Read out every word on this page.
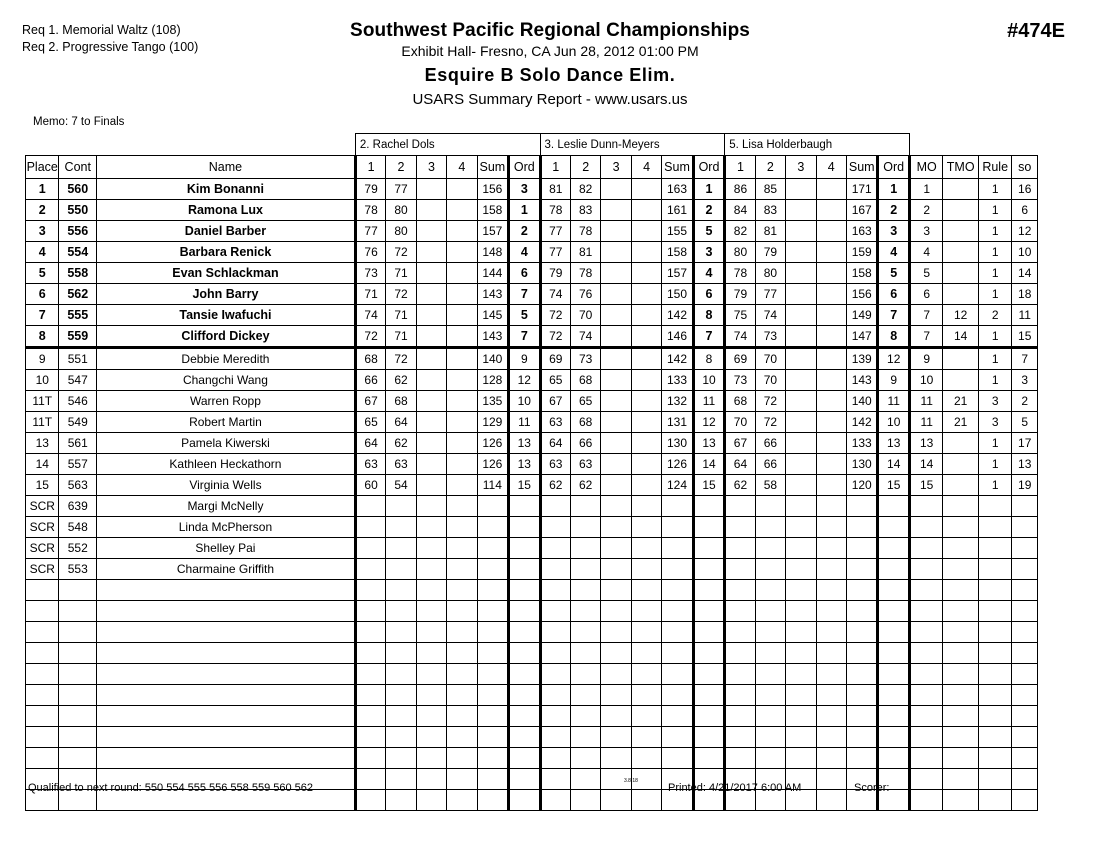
Req 1. Memorial Waltz (108)
Req 2. Progressive Tango (100)
Southwest Pacific Regional Championships
Exhibit Hall- Fresno, CA Jun 28, 2012 01:00 PM
Esquire B Solo Dance Elim.
USARS Summary Report - www.usars.us
#474E
Memo: 7 to Finals
			2. Rachel Dols						3. Leslie Dunn-Meyers						5. Lisa Holderbaugh									
Place	Cont	Name	1	2	3	4	Sum	Ord	1	2	3	4	Sum	Ord	1	2	3	4	Sum	Ord	MO	TMO	Rule	so
1	560	Kim Bonanni	79	77			156	3	81	82			163	1	86	85			171	1	1		1	16
2	550	Ramona Lux	78	80			158	1	78	83			161	2	84	83			167	2	2		1	6
3	556	Daniel Barber	77	80			157	2	77	78			155	5	82	81			163	3	3		1	12
4	554	Barbara Renick	76	72			148	4	77	81			158	3	80	79			159	4	4		1	10
5	558	Evan Schlackman	73	71			144	6	79	78			157	4	78	80			158	5	5		1	14
6	562	John Barry	71	72			143	7	74	76			150	6	79	77			156	6	6		1	18
7	555	Tansie Iwafuchi	74	71			145	5	72	70			142	8	75	74			149	7	7	12	2	11
8	559	Clifford Dickey	72	71			143	7	72	74			146	7	74	73			147	8	7	14	1	15
9	551	Debbie Meredith	68	72			140	9	69	73			142	8	69	70			139	12	9		1	7
10	547	Changchi Wang	66	62			128	12	65	68			133	10	73	70			143	9	10		1	3
11T	546	Warren Ropp	67	68			135	10	67	65			132	11	68	72			140	11	11	21	3	2
11T	549	Robert Martin	65	64			129	11	63	68			131	12	70	72			142	10	11	21	3	5
13	561	Pamela Kiwerski	64	62			126	13	64	66			130	13	67	66			133	13	13		1	17
14	557	Kathleen Heckathorn	63	63			126	13	63	63			126	14	64	66			130	14	14		1	13
15	563	Virginia Wells	60	54			114	15	62	62			124	15	62	58			120	15	15		1	19
SCR	639	Margi McNelly																						
SCR	548	Linda McPherson																						
SCR	552	Shelley Pai																						
SCR	553	Charmaine Griffith																						

Qualified to next round: 550 554 555 556 558 559 560 562
3.8.18
Printed: 4/21/2017 6:00 AM	Scorer:
